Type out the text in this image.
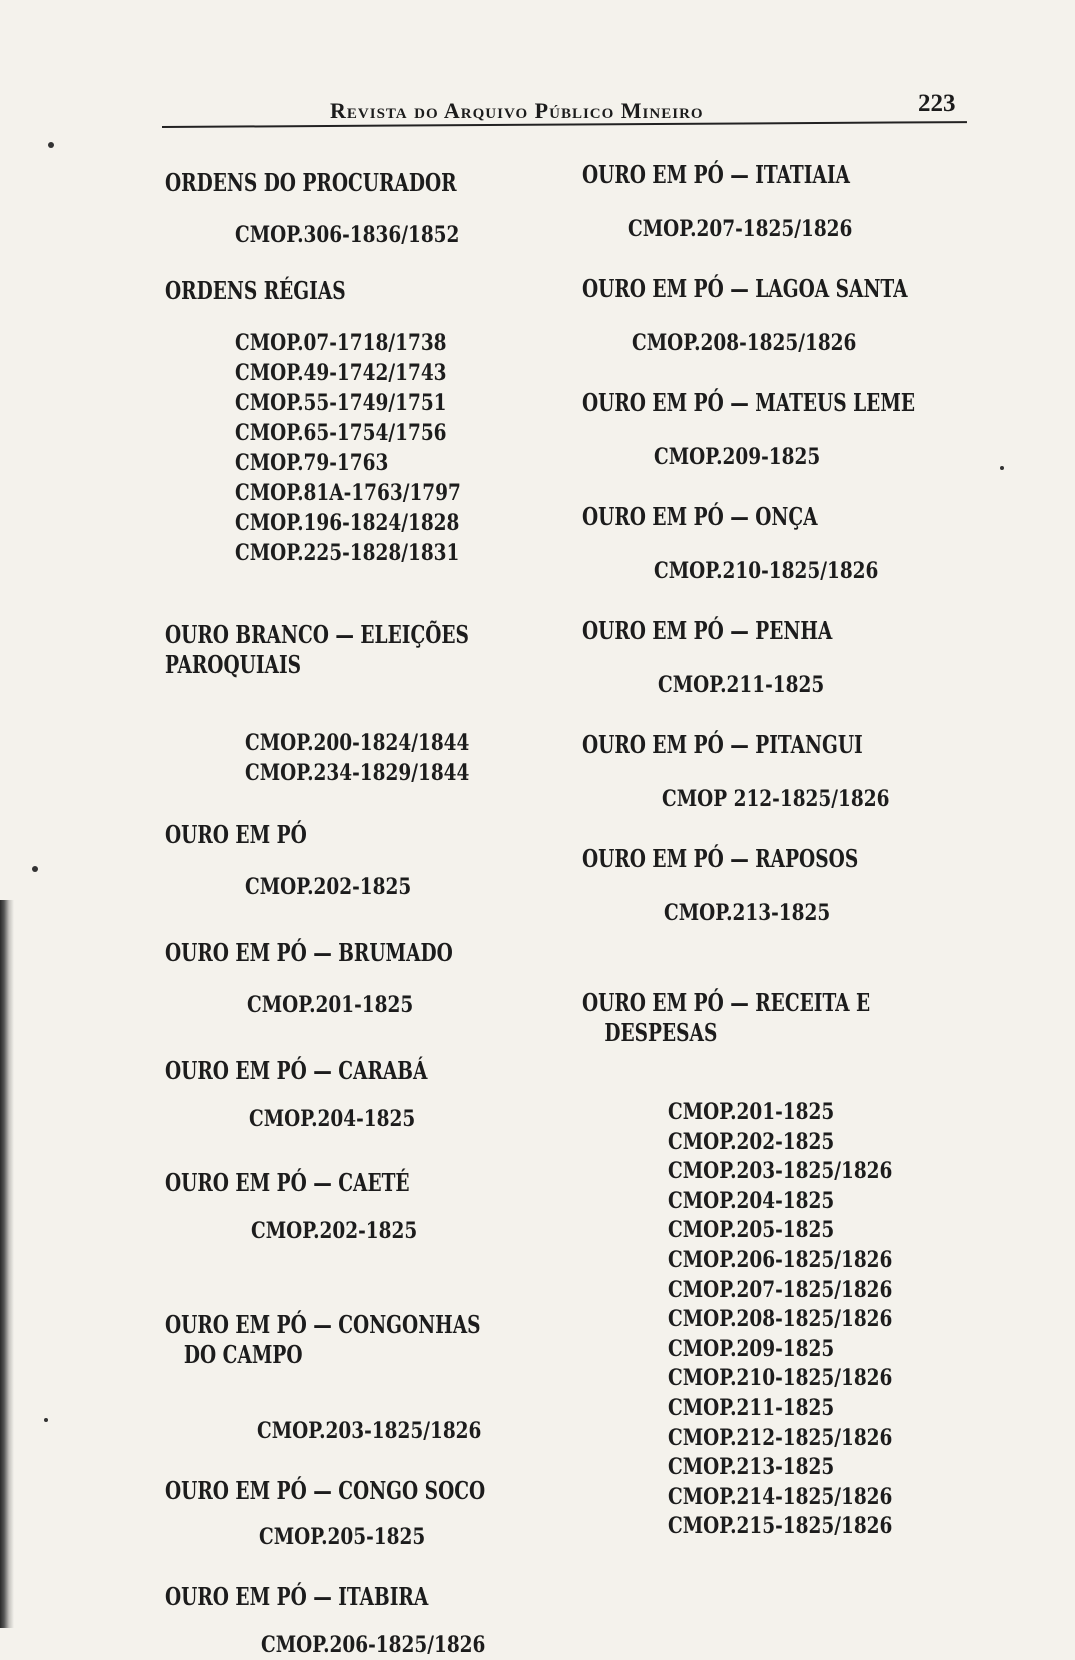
Revista do Arquivo Público Mineiro	223
ORDENS DO PROCURADOR
CMOP.306-1836/1852
ORDENS RÉGIAS
CMOP.07-1718/1738
CMOP.49-1742/1743
CMOP.55-1749/1751
CMOP.65-1754/1756
CMOP.79-1763
CMOP.81A-1763/1797
CMOP.196-1824/1828
CMOP.225-1828/1831

OURO BRANCO — ELEIÇÕES

PAROQUIAIS

CMOP.200-1824/1844
CMOP.234-1829/1844
OURO EM PÓ
CMOP.202-1825
OURO EM PÓ — BRUMADO
CMOP.201-1825
OURO EM PÓ — CARABÁ
CMOP.204-1825
OURO EM PÓ — CAETÉ
CMOP.202-1825

OURO EM PÓ — CONGONHAS

DO CAMPO

CMOP.203-1825/1826
OURO EM PÓ — CONGO SOCO
CMOP.205-1825
OURO EM PÓ — ITABIRA
CMOP.206-1825/1826
OURO EM PÓ — ITATIAIA
CMOP.207-1825/1826
OURO EM PÓ — LAGOA SANTA
CMOP.208-1825/1826
OURO EM PÓ — MATEUS LEME
CMOP.209-1825
OURO EM PÓ — ONÇA
CMOP.210-1825/1826
OURO EM PÓ — PENHA
CMOP.211-1825
OURO EM PÓ — PITANGUI
CMOP 212-1825/1826
OURO EM PÓ — RAPOSOS
CMOP.213-1825

OURO EM PÓ — RECEITA E

DESPESAS

CMOP.201-1825
CMOP.202-1825
CMOP.203-1825/1826
CMOP.204-1825
CMOP.205-1825
CMOP.206-1825/1826
CMOP.207-1825/1826
CMOP.208-1825/1826
CMOP.209-1825
CMOP.210-1825/1826
CMOP.211-1825
CMOP.212-1825/1826
CMOP.213-1825
CMOP.214-1825/1826
CMOP.215-1825/1826
